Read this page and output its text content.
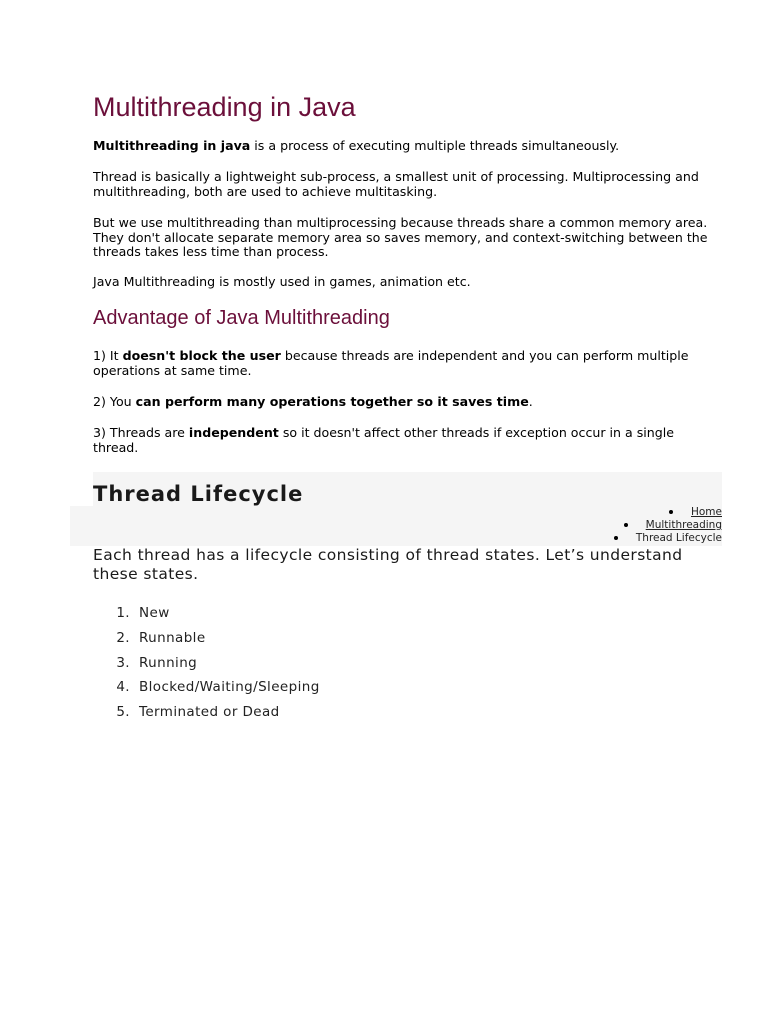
Multithreading in Java

Multithreading in java is a process of executing multiple threads simultaneously.

Thread is basically a lightweight sub-process, a smallest unit of processing. Multiprocessing and multithreading, both are used to achieve multitasking.

But we use multithreading than multiprocessing because threads share a common memory area. They don't allocate separate memory area so saves memory, and context-switching between the threads takes less time than process.

Java Multithreading is mostly used in games, animation etc.

Advantage of Java Multithreading

1) It doesn't block the user because threads are independent and you can perform multiple operations at same time.

2) You can perform many operations together so it saves time.

3) Threads are independent so it doesn't affect other threads if exception occur in a single thread.

Thread Lifecycle
Home
Multithreading
Thread Lifecycle

Each thread has a lifecycle consisting of thread states. Let’s understand these states.

1. New
2. Runnable
3. Running
4. Blocked/Waiting/Sleeping
5. Terminated or Dead
